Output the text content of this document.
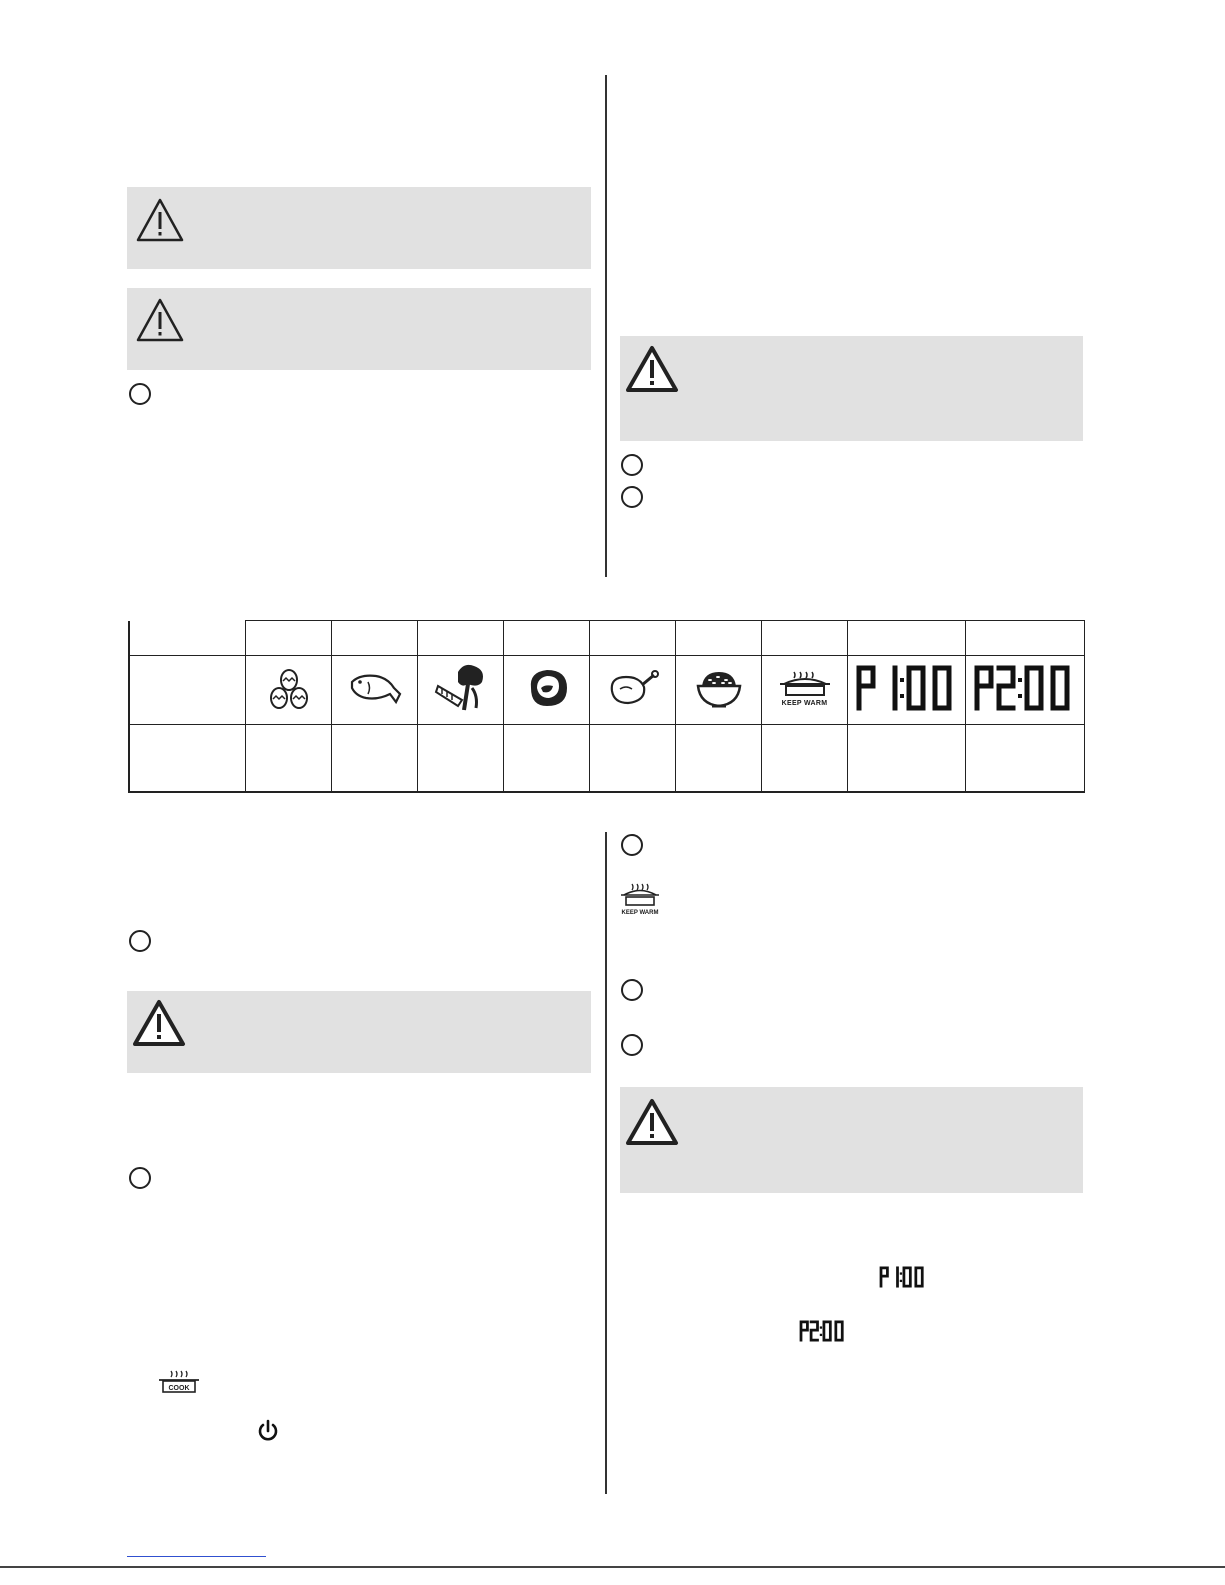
KEEP WARM

COOK
KEEP WARM
